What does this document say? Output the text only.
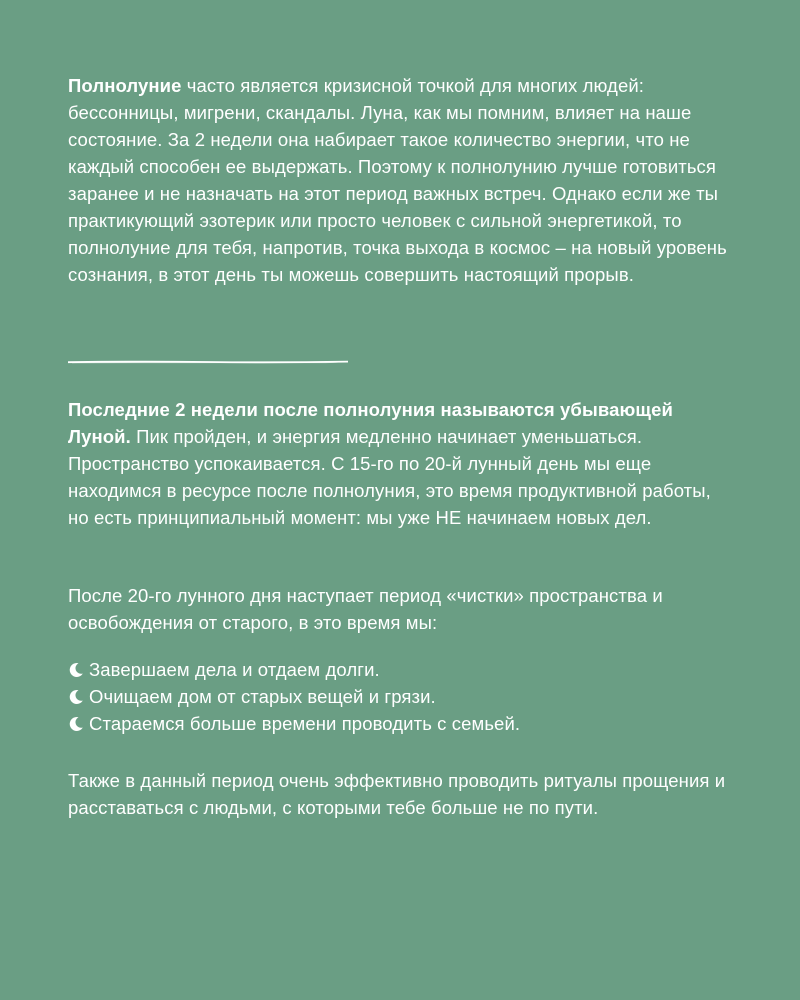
Полнолуние часто является кризисной точкой для многих людей: бессонницы, мигрени, скандалы. Луна, как мы помним, влияет на наше состояние. За 2 недели она набирает такое количество энергии, что не каждый способен ее выдержать. Поэтому к полнолунию лучше готовиться заранее и не назначать на этот период важных встреч. Однако если же ты практикующий эзотерик или просто человек с сильной энергетикой, то полнолуние для тебя, напротив, точка выхода в космос – на новый уровень сознания, в этот день ты можешь совершить настоящий прорыв.

Последние 2 недели после полнолуния называются убывающей Луной. Пик пройден, и энергия медленно начинает уменьшаться. Пространство успокаивается. С 15-го по 20-й лунный день мы еще находимся в ресурсе после полнолуния, это время продуктивной работы, но есть принципиальный момент: мы уже НЕ начинаем новых дел.

После 20-го лунного дня наступает период «чистки» пространства и освобождения от старого, в это время мы:

Завершаем дела и отдаем долги.
Очищаем дом от старых вещей и грязи.
Стараемся больше времени проводить с семьей.

Также в данный период очень эффективно проводить ритуалы прощения и расставаться с людьми, с которыми тебе больше не по пути.
